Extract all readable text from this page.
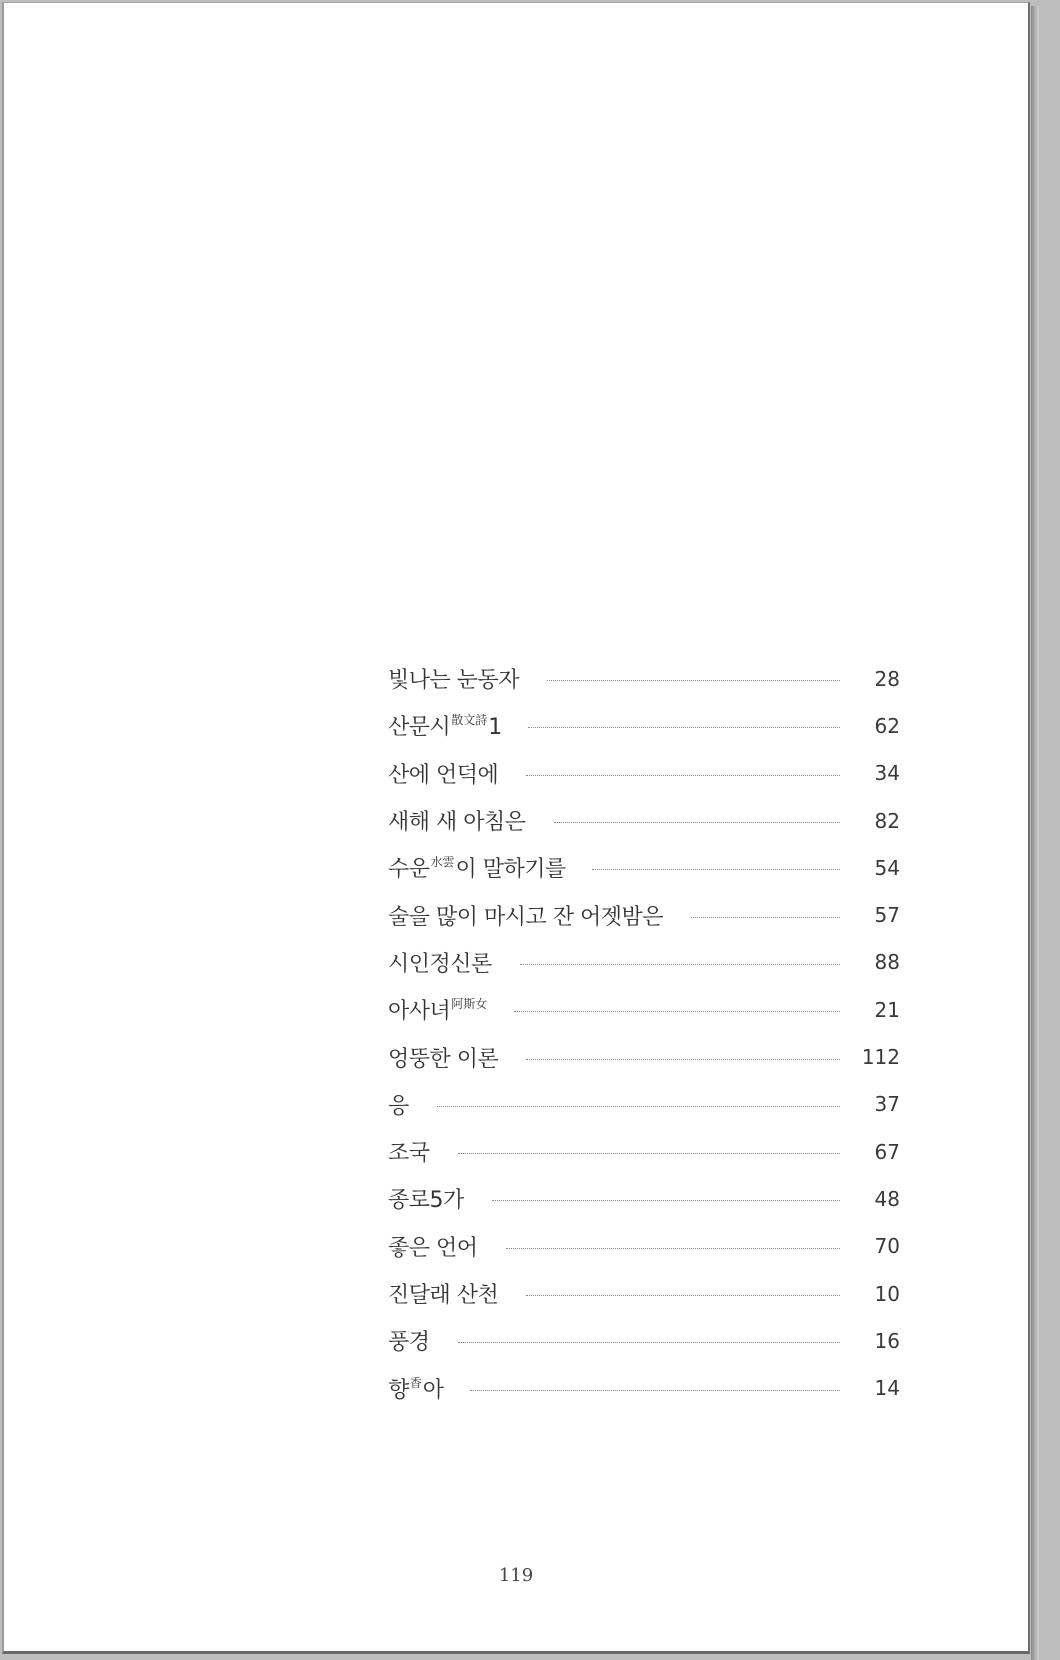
빛나는 눈동자	28
산문시$^{散文詩}$1	62
산에 언덕에	34
새해 새 아침은	82
수운$^{水雲}$이 말하기를	54
술을 많이 마시고 잔 어젯밤은	57
시인정신론	88
아사녀$^{阿斯女}$	21
엉뚱한 이론	112
응	37
조국	67
종로5가	48
좋은 언어	70
진달래 산천	10
풍경	16
향$^香$아	14
119
